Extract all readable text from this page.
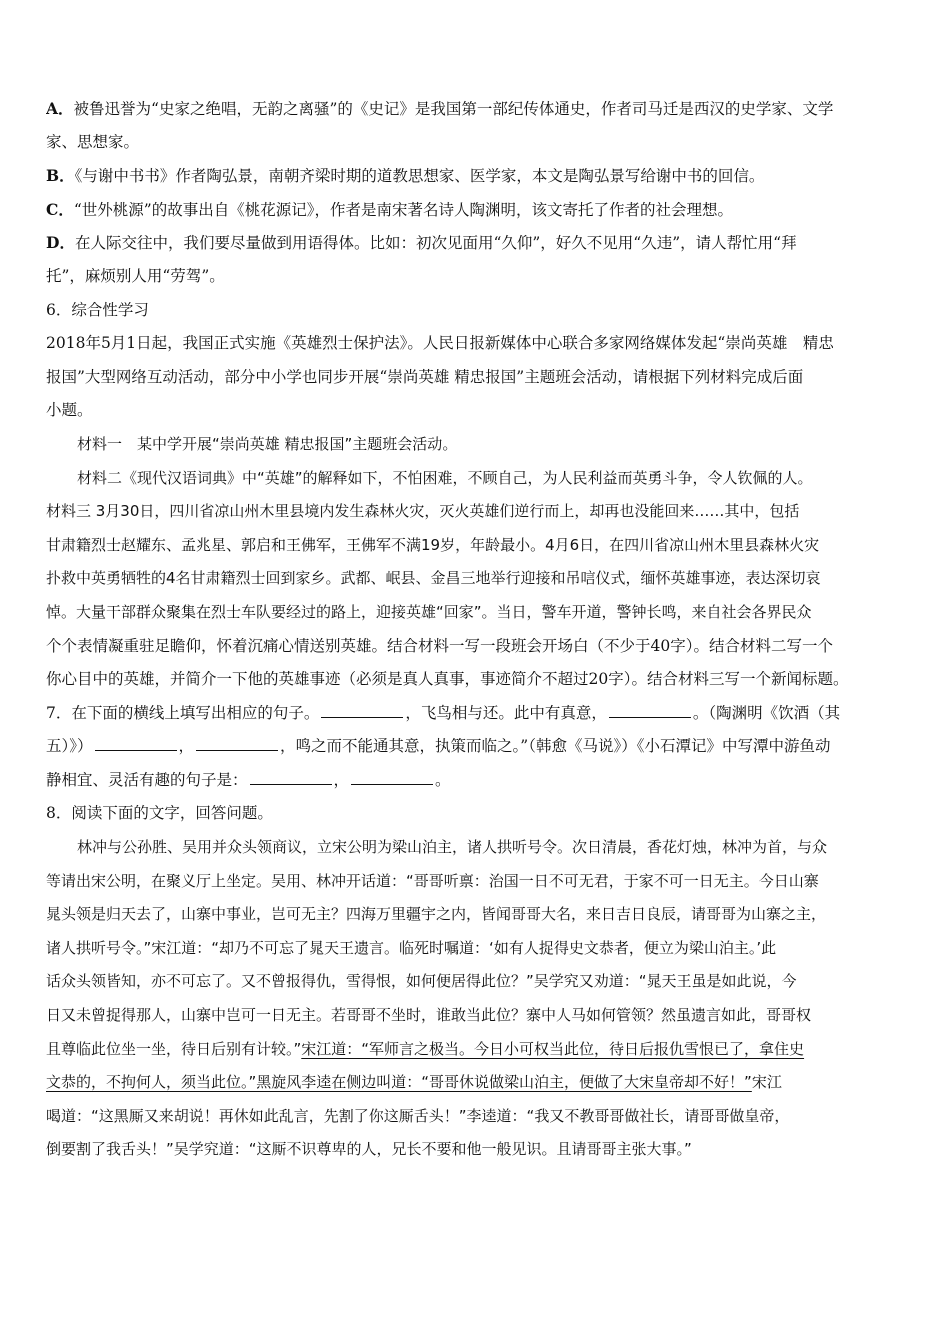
A．被鲁迅誉为“史家之绝唱，无韵之离骚”的《史记》是我国第一部纪传体通史，作者司马迁是西汉的史学家、文学
家、思想家。
B．《与谢中书书》作者陶弘景，南朝齐梁时期的道教思想家、医学家，本文是陶弘景写给谢中书的回信。
C．“世外桃源”的故事出自《桃花源记》，作者是南宋著名诗人陶渊明，该文寄托了作者的社会理想。
D．在人际交往中，我们要尽量做到用语得体。比如：初次见面用“久仰”，好久不见用“久违”，请人帮忙用“拜
托”，麻烦别人用“劳驾”。
6．综合性学习
2018年5月1日起，我国正式实施《英雄烈士保护法》。人民日报新媒体中心联合多家网络媒体发起“崇尚英雄　精忠
报国”大型网络互动活动，部分中小学也同步开展“崇尚英雄 精忠报国”主题班会活动，请根据下列材料完成后面
小题。
材料一　某中学开展“崇尚英雄 精忠报国”主题班会活动。
材料二《现代汉语词典》中“英雄”的解释如下，不怕困难，不顾自己，为人民利益而英勇斗争，令人钦佩的人。
材料三 3月30日，四川省凉山州木里县境内发生森林火灾，灭火英雄们逆行而上，却再也没能回来……其中，包括
甘肃籍烈士赵耀东、孟兆星、郭启和王佛军，王佛军不满19岁，年龄最小。4月6日，在四川省凉山州木里县森林火灾
扑救中英勇牺牲的4名甘肃籍烈士回到家乡。武都、岷县、金昌三地举行迎接和吊唁仪式，缅怀英雄事迹，表达深切哀
悼。大量干部群众聚集在烈士车队要经过的路上，迎接英雄“回家”。当日，警车开道，警钟长鸣，来自社会各界民众
个个表情凝重驻足瞻仰，怀着沉痛心情送别英雄。结合材料一写一段班会开场白（不少于40字）。结合材料二写一个
你心目中的英雄，并简介一下他的英雄事迹（必须是真人真事，事迹简介不超过20字）。结合材料三写一个新闻标题。
7．在下面的横线上填写出相应的句子。	，飞鸟相与还。此中有真意，	。（陶渊明《饮酒（其
五）》）	，	，鸣之而不能通其意，执策而临之。”（韩愈《马说》）《小石潭记》中写潭中游鱼动
静相宜、灵活有趣的句子是：	，	。
8．阅读下面的文字，回答问题。
林冲与公孙胜、吴用并众头领商议，立宋公明为梁山泊主，诸人拱听号令。次日清晨，香花灯烛，林冲为首，与众
等请出宋公明，在聚义厅上坐定。吴用、林冲开话道：“哥哥听禀：治国一日不可无君，于家不可一日无主。今日山寨
晁头领是归天去了，山寨中事业，岂可无主？四海万里疆宇之内，皆闻哥哥大名，来日吉日良辰，请哥哥为山寨之主，
诸人拱听号令。”宋江道：“却乃不可忘了晁天王遗言。临死时嘱道：‘如有人捉得史文恭者，便立为梁山泊主。’此
话众头领皆知，亦不可忘了。又不曾报得仇，雪得恨，如何便居得此位？”吴学究又劝道：“晁天王虽是如此说，今
日又未曾捉得那人，山寨中岂可一日无主。若哥哥不坐时，谁敢当此位？寨中人马如何管领？然虽遗言如此，哥哥权
且尊临此位坐一坐，待日后别有计较。”宋江道：“军师言之极当。今日小可权当此位，待日后报仇雪恨已了，拿住史
文恭的，不拘何人，须当此位。”黑旋风李逵在侧边叫道：“哥哥休说做梁山泊主，便做了大宋皇帝却不好！”宋江
喝道：“这黑厮又来胡说！再休如此乱言，先割了你这厮舌头！”李逵道：“我又不教哥哥做社长，请哥哥做皇帝，
倒要割了我舌头！”吴学究道：“这厮不识尊卑的人，兄长不要和他一般见识。且请哥哥主张大事。”
